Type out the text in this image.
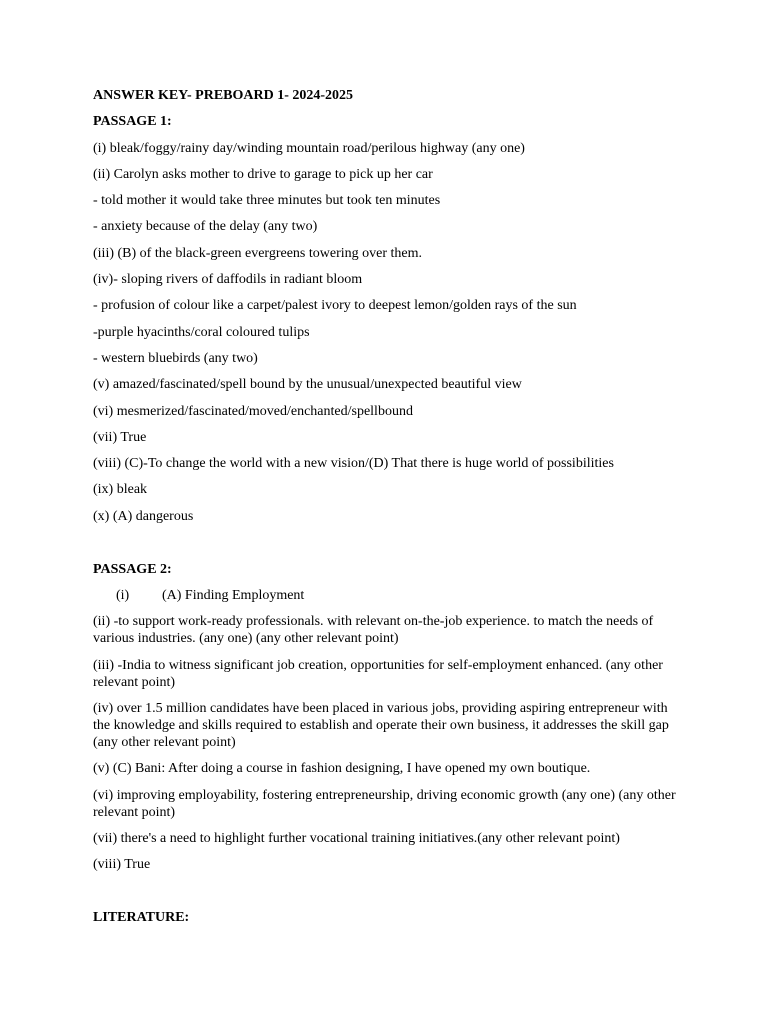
ANSWER KEY- PREBOARD 1- 2024-2025
PASSAGE 1:
(i) bleak/foggy/rainy day/winding mountain road/perilous highway (any one)
(ii) Carolyn asks mother to drive to garage to pick up her car
- told mother it would take three minutes but took ten minutes
- anxiety because of the delay (any two)
(iii) (B) of the black-green evergreens towering over them.
(iv)- sloping rivers of daffodils in radiant bloom
- profusion of colour like a carpet/palest ivory to deepest lemon/golden rays of the sun
-purple hyacinths/coral coloured tulips
- western bluebirds (any two)
(v) amazed/fascinated/spell bound by the unusual/unexpected beautiful view
(vi) mesmerized/fascinated/moved/enchanted/spellbound
(vii) True
(viii) (C)-To change the world with a new vision/(D) That there is huge world of possibilities
(ix) bleak
(x) (A) dangerous
PASSAGE 2:
(i)	(A) Finding Employment
(ii) -to support work-ready professionals. with relevant on-the-job experience. to match the needs of various industries. (any one) (any other relevant point)
(iii) -India to witness significant job creation, opportunities for self-employment enhanced. (any other relevant point)
(iv) over 1.5 million candidates have been placed in various jobs, providing aspiring entrepreneur with the knowledge and skills required to establish and operate their own business, it addresses the skill gap (any other relevant point)
(v) (C) Bani: After doing a course in fashion designing, I have opened my own boutique.
(vi) improving employability, fostering entrepreneurship, driving economic growth (any one) (any other relevant point)
(vii) there's a need to highlight further vocational training initiatives.(any other relevant point)
(viii) True
LITERATURE:
